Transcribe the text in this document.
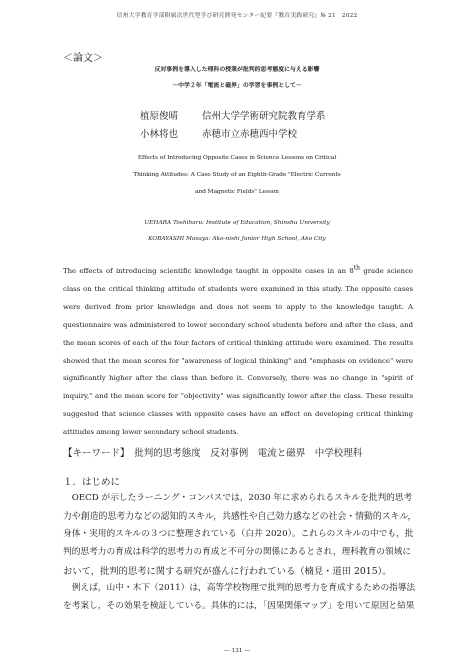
信州大学教育学部附属次世代型学び研究開発センター紀要『教育実践研究』№ 21　2022

＜論文＞

反対事例を導入した理科の授業が批判的思考態度に与える影響

－中学２年「電流と磁界」の学習を事例として－

植原俊晴	信州大学学術研究院教育学系
小林将也	赤穂市立赤穂西中学校

Effects of Introducing Opposite Cases in Science Lessons on Critical

Thinking Attitudes: A Case Study of an Eighth-Grade "Electric Currents

and Magnetic Fields" Lesson

UEHARA Toshiharu: Institute of Education, Shinshu University

KOBAYASHI Masaya: Ako-nishi Junior High School, Ako City

The effects of introducing scientific knowledge taught in opposite cases in an 8th grade science class on the critical thinking attitude of students were examined in this study. The opposite cases were derived from prior knowledge and does not seem to apply to the knowledge taught. A questionnaire was administered to lower secondary school students before and after the class, and the mean scores of each of the four factors of critical thinking attitude were examined. The results showed that the mean scores for "awareness of logical thinking" and "emphasis on evidence" were significantly higher after the class than before it. Conversely, there was no change in "spirit of inquiry," and the mean score for "objectivity" was significantly lower after the class. These results suggested that science classes with opposite cases have an effect on developing critical thinking attitudes among lower secondary school students.

【キーワード】　批判的思考態度　反対事例　電流と磁界　中学校理科

１．はじめに

　OECD が示したラーニング・コンパスでは，2030 年に求められるスキルを批判的思考

力や創造的思考力などの認知的スキル，共感性や自己効力感などの社会・情動的スキル，

身体・実用的スキルの３つに整理されている（白井 2020）。これらのスキルの中でも，批

判的思考力の育成は科学的思考力の育成と不可分の関係にあるとされ，理科教育の領域に

おいて，批判的思考に関する研究が盛んに行われている（楠見・道田 2015）。

　例えば，山中・木下（2011）は，高等学校物理で批判的思考力を育成するための指導法

を考案し，その効果を検証している。具体的には，「因果関係マップ」を用いて原因と結果

— 131 —
